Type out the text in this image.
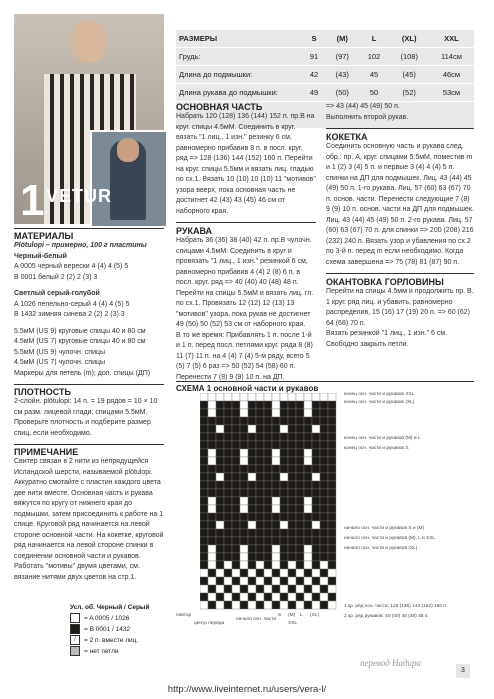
1 VETUR
РАЗМЕРЫ	S	(M)	L	(XL)	XXL
Грудь:	91	(97)	102	(108)	114см
Длина до подмышки:	42	(43)	45	(45)	46см
Длина рукава до подмышки:	49	(50)	50	(52)	53см
МАТЕРИАЛЫ
Plötulopi – примерно, 100 г пластины
Черный-белый
A 0005 черный верески 4 (4) 4 (5) 5
B 0001 белый 2 (2) 2 (3) 3
Светлый серый-голубой
A 1026 пепельно-серый 4 (4) 4 (5) 5
B 1432 зимняя синева 2 (2) 2 (3) 3
5.5мМ (US 9) круговые спицы 40 и 80 см
4.5мМ (US 7) круговые спицы 40 и 80 см
5.5мМ (US 9) чулочн. спицы
4.5мМ (US 7) чулочн. спицы
Маркеры для петель (m); доп. спицы (ДП)
ПЛОТНОСТЬ
2-слойн. plötulopi: 14 п. = 19 рядов = 10 × 10 см разм. лицевой глади, спицами 5.5мМ.
Проверьте плотность и подберите размер спиц, если необходимо.
ПРИМЕЧАНИЕ
Свитер связан в 2 нити из непрядущейся Исландской шерсти, называемой plötulopi. Аккуратно смотайте с пластин каждого цвета две нити вместе. Основная часть и рукава вяжутся по кругу от нижнего края до подмышки, затем присоединить к работе на 1 спице. Круговой ряд начинается на левой стороне основной части. На кокетке, круговой ряд начинается на левой стороне спинки в соединении основной части и рукавов. Работать "мотивы" двумя цветами, см. вязание нитями двух цветов на стр.1.
ОСНОВНАЯ ЧАСТЬ
Набрать 120 (128) 136 (144) 152 п. пр.В на круг. спицы 4.5мМ. Соединить в круг. вязать "1 лиц., 1 изн." резинку 6 см, равномерно прибавив 8 п. в посл. круг. ряд => 128 (136) 144 (152) 160 п. Перейти на круг. спицы 5.5мм и вязать лиц. гладью по сх.1. Вязать 10 (10) 10 (10) 11 "мотивов" узора вверх, пока основная часть не достигнет 42 (43) 43 (45) 46 см от наборного края.
РУКАВА
Набрать 36 (36) 38 (40) 42 п. пр.В чулочн. спицами 4.5мМ. Соединить в круг и провязать "1 лиц., 1 изн." резинкой 6 см, равномерно прибавив 4 (4) 2 (8) 6 п. в посл. круг. ряд => 40 (40) 40 (48) 48 п. Перейти на спицы 5.5мМ и вязать лиц. гл. по сх.1. Провязать 12 (12) 12 (13) 13 "мотивов" узора, пока рукав не достигнет 49 (50) 50 (52) 53 см от наборного края.
В то же время: Прибавлять 1 п. после 1-й и 1 п. перед посл. петлями круг. ряда 8 (8) 11 (7) 11 п. на 4 (4) 7 (4) 5-м ряду, всего 5 (5) 7 (5) 6 раз => 50 (52) 54 (58) 60 п. Перенести 7 (8) 9 (9) 10 п. на ДП.
=> 43 (44) 45 (49) 50 п.
Выполнить второй рукав.
КОКЕТКА
Соединить основную часть и рукава след. обр.: пр. А, круг. спицами 5.5мМ, поместив m и 1 (2) 3 (4) 5 п. и первые 3 (4) 4 (4) 5 п. спинки на ДП для подмышек. Лиц. 43 (44) 45 (49) 50 п. 1-го рукава. Лиц. 57 (60) 63 (67) 70 п. основ. части. Перенести следующие 7 (8) 9 (9) 10 п. основ. части на ДП для подмышек. Лиц. 43 (44) 45 (49) 50 п. 2-го рукава. Лиц. 57 (60) 63 (67) 70 п. для спинки => 200 (208) 216 (232) 240 п. Вязать узор и убавления по сх.2 по 3-й п. перед m если необходимо. Когда схема завершена => 75 (78) 81 (87) 90 п.
ОКАНТОВКА ГОРЛОВИНЫ
Перейти на спицы 4.5мм и продолжить пр. В. 1 круг. ряд лиц. и убавить, равномерно распределив, 15 (16) 17 (19) 20 п. => 60 (62) 64 (68) 70 п.
Вязать резинкой "1 лиц., 1 изн." 6 см. Свободно закрыть петли.
СХЕМА 1 основной части и рукавов
конец осн. части и рукавов XXL
конец осн. части и рукавов (XL)
конец осн. части и рукавов (M) и L
конец осн. части и рукавов S
начало осн. части и рукавов S и (M)
начало осн. части и рукавов (M), L и XXL
начало осн. части и рукавов (XL)
повтор
центр переда
начало осн. части
S (M) L (XL)
XXL
1 кр. ряд осн. части: 128 (136) 144 (152) 160 п.
2 кр. ряд рукавов: 40 (40) 40 (48) 48 п.
Усл. об. Черный / Серый
= A 0005 / 1026
= B 0001 / 1432
/ = 2 п. вместе лиц.
= нет петли
перевод Надира
3
http://www.liveinternet.ru/users/vera-l/
